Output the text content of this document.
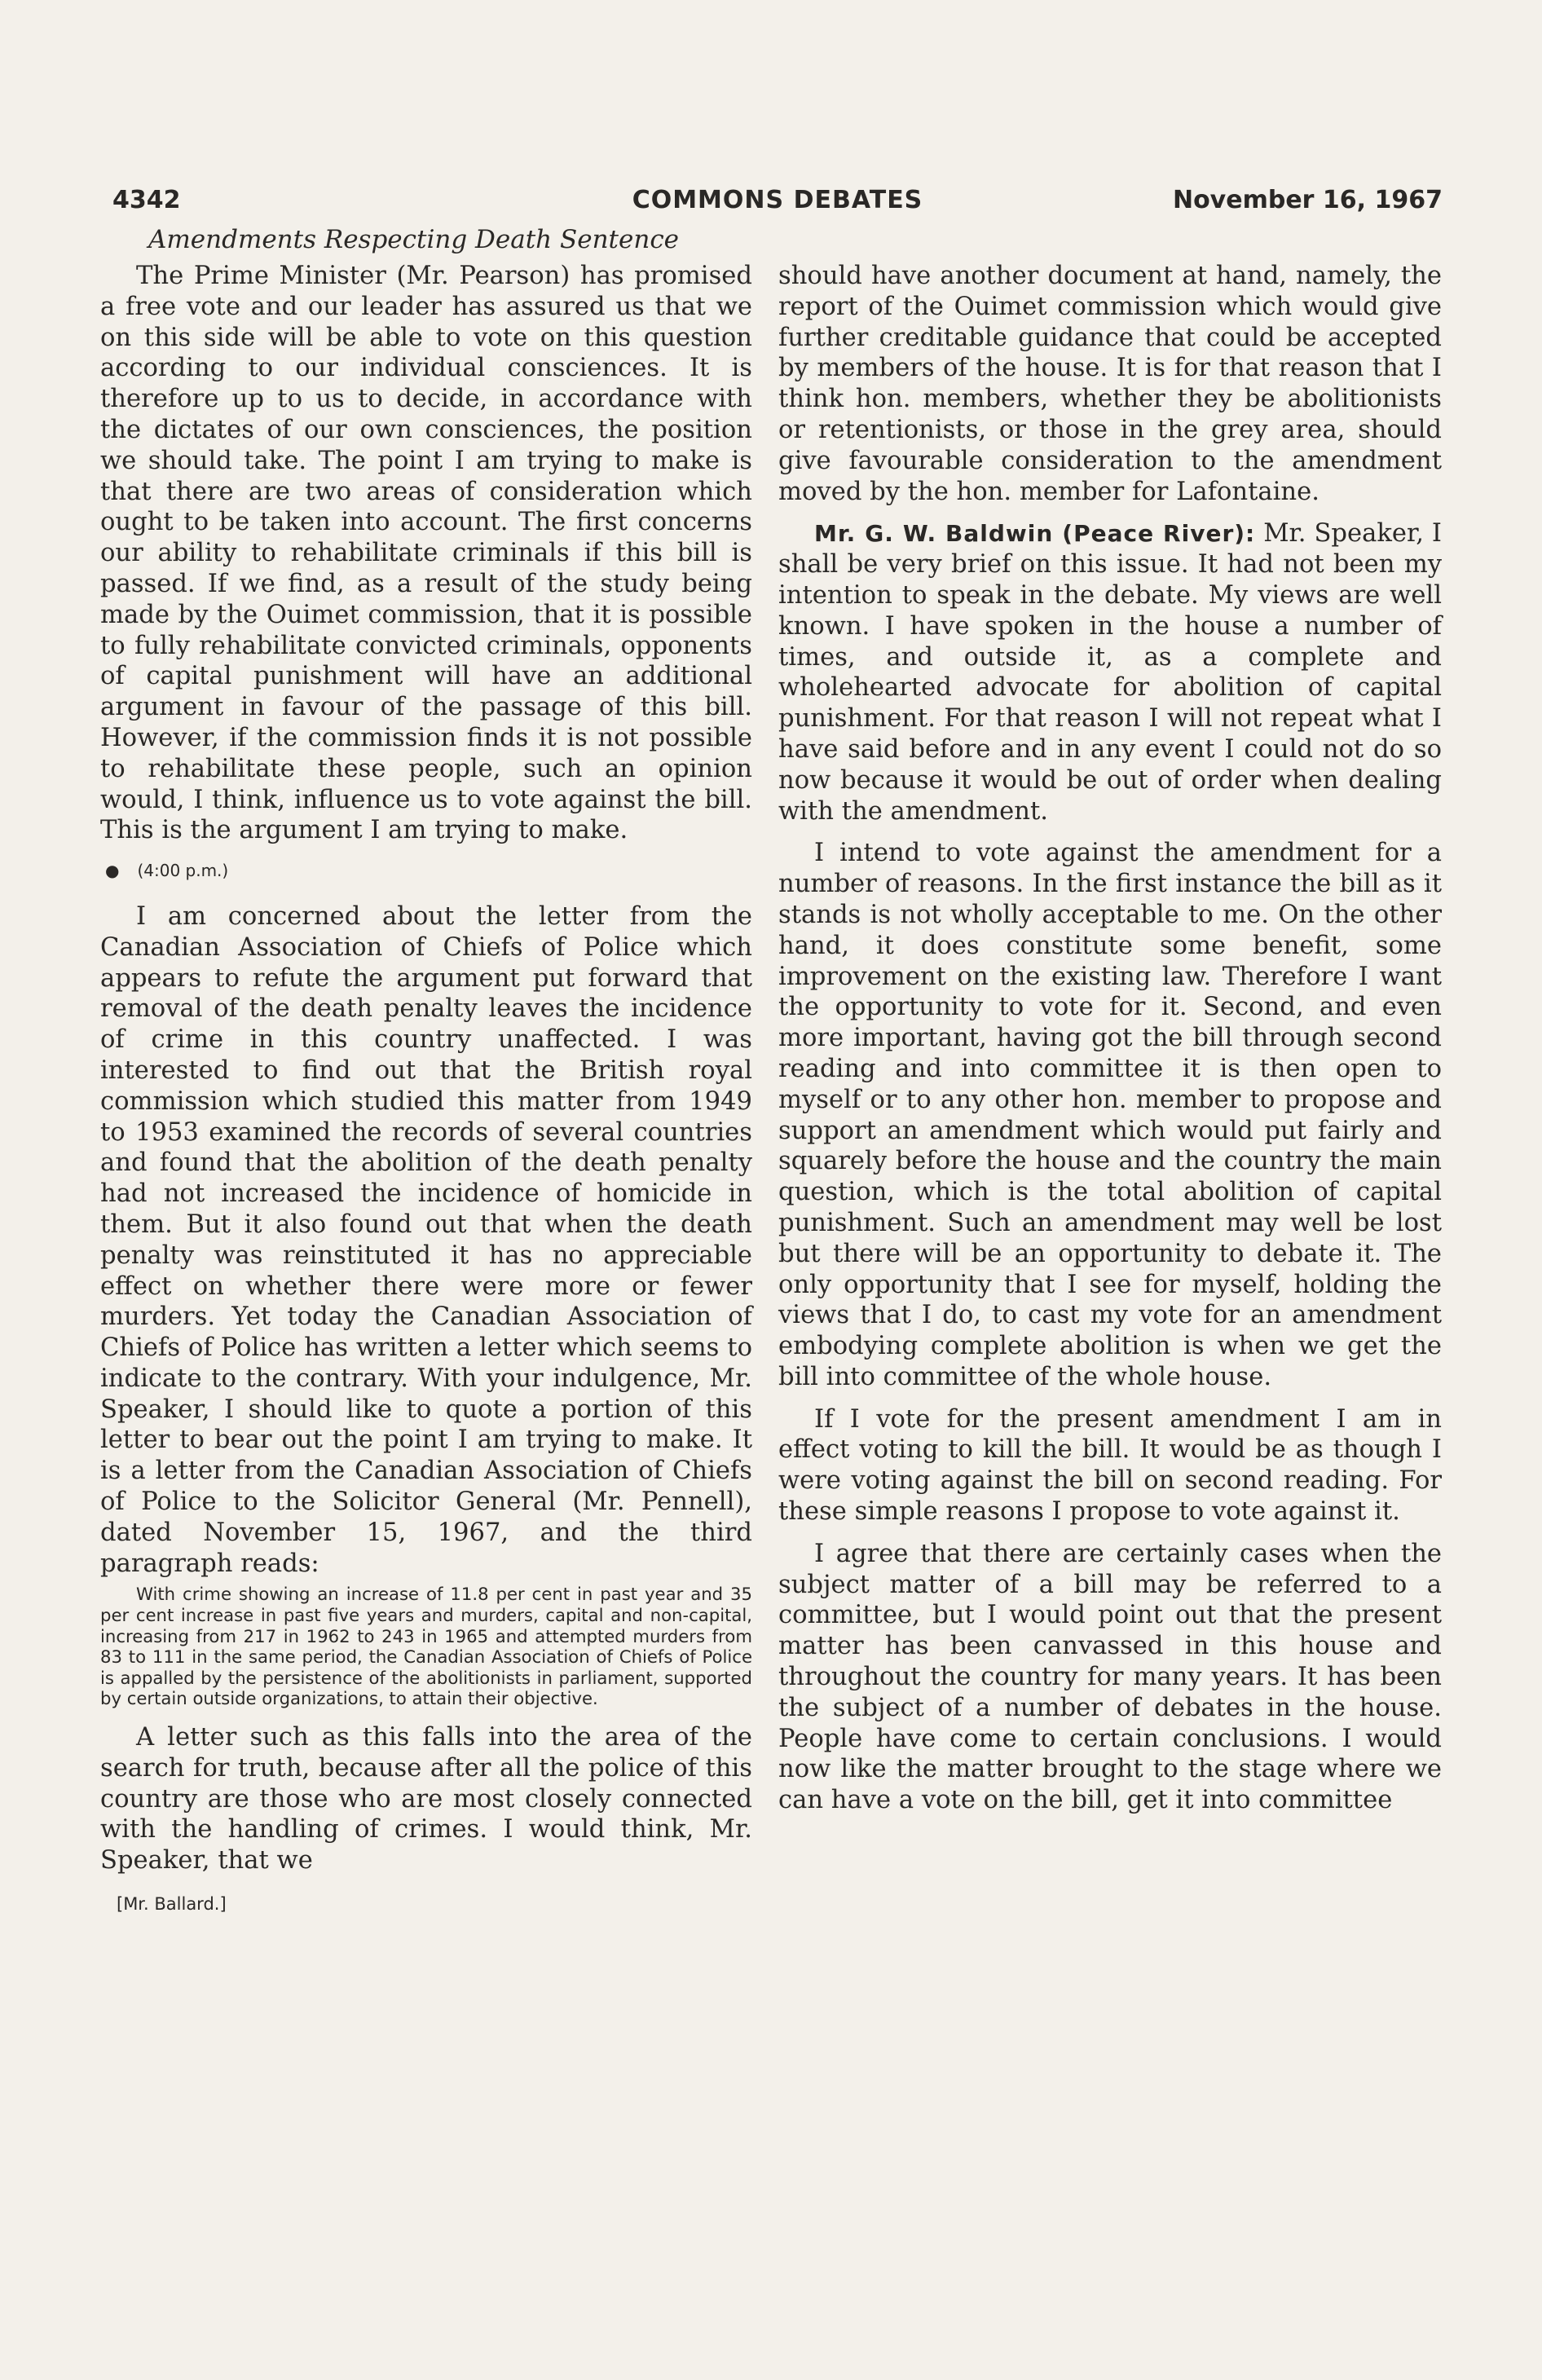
4342	COMMONS DEBATES	November 16, 1967
Amendments Respecting Death Sentence

The Prime Minister (Mr. Pearson) has promised a free vote and our leader has assured us that we on this side will be able to vote on this question according to our individual consciences. It is therefore up to us to decide, in accordance with the dictates of our own consciences, the position we should take. The point I am trying to make is that there are two areas of consideration which ought to be taken into account. The first concerns our ability to rehabilitate criminals if this bill is passed. If we find, as a result of the study being made by the Ouimet commission, that it is possible to fully rehabilitate convicted criminals, opponents of capital punishment will have an additional argument in favour of the passage of this bill. However, if the commission finds it is not possible to rehabilitate these people, such an opinion would, I think, influence us to vote against the bill. This is the argument I am trying to make.

● (4:00 p.m.)

I am concerned about the letter from the Canadian Association of Chiefs of Police which appears to refute the argument put forward that removal of the death penalty leaves the incidence of crime in this country unaffected. I was interested to find out that the British royal commission which studied this matter from 1949 to 1953 examined the records of several countries and found that the abolition of the death penalty had not increased the incidence of homicide in them. But it also found out that when the death penalty was reinstituted it has no appreciable effect on whether there were more or fewer murders. Yet today the Canadian Association of Chiefs of Police has written a letter which seems to indicate to the contrary. With your indulgence, Mr. Speaker, I should like to quote a portion of this letter to bear out the point I am trying to make. It is a letter from the Canadian Association of Chiefs of Police to the Solicitor General (Mr. Pennell), dated November 15, 1967, and the third paragraph reads:

With crime showing an increase of 11.8 per cent in past year and 35 per cent increase in past five years and murders, capital and non-capital, increasing from 217 in 1962 to 243 in 1965 and attempted murders from 83 to 111 in the same period, the Canadian Association of Chiefs of Police is appalled by the persistence of the abolitionists in parliament, supported by certain outside organizations, to attain their objective.

A letter such as this falls into the area of the search for truth, because after all the police of this country are those who are most closely connected with the handling of crimes. I would think, Mr. Speaker, that we

[Mr. Ballard.]

should have another document at hand, namely, the report of the Ouimet commission which would give further creditable guidance that could be accepted by members of the house. It is for that reason that I think hon. members, whether they be abolitionists or retentionists, or those in the grey area, should give favourable consideration to the amendment moved by the hon. member for Lafontaine.

Mr. G. W. Baldwin (Peace River): Mr. Speaker, I shall be very brief on this issue. It had not been my intention to speak in the debate. My views are well known. I have spoken in the house a number of times, and outside it, as a complete and wholehearted advocate for abolition of capital punishment. For that reason I will not repeat what I have said before and in any event I could not do so now because it would be out of order when dealing with the amendment.

I intend to vote against the amendment for a number of reasons. In the first instance the bill as it stands is not wholly acceptable to me. On the other hand, it does constitute some benefit, some improvement on the existing law. Therefore I want the opportunity to vote for it. Second, and even more important, having got the bill through second reading and into committee it is then open to myself or to any other hon. member to propose and support an amendment which would put fairly and squarely before the house and the country the main question, which is the total abolition of capital punishment. Such an amendment may well be lost but there will be an opportunity to debate it. The only opportunity that I see for myself, holding the views that I do, to cast my vote for an amendment embodying complete abolition is when we get the bill into committee of the whole house.

If I vote for the present amendment I am in effect voting to kill the bill. It would be as though I were voting against the bill on second reading. For these simple reasons I propose to vote against it.

I agree that there are certainly cases when the subject matter of a bill may be referred to a committee, but I would point out that the present matter has been canvassed in this house and throughout the country for many years. It has been the subject of a number of debates in the house. People have come to certain conclusions. I would now like the matter brought to the stage where we can have a vote on the bill, get it into committee
